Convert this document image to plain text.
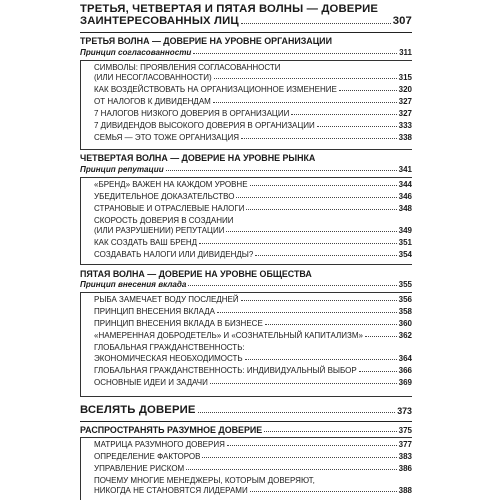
ТРЕТЬЯ, ЧЕТВЕРТАЯ И ПЯТАЯ ВОЛНЫ — ДОВЕРИЕ
ЗАИНТЕРЕСОВАННЫХ ЛИЦ	307
ТРЕТЬЯ ВОЛНА — ДОВЕРИЕ НА УРОВНЕ ОРГАНИЗАЦИИ
Принцип согласованности	311
СИМВОЛЫ: ПРОЯВЛЕНИЯ СОГЛАСОВАННОСТИ
(ИЛИ НЕСОГЛАСОВАННОСТИ)	315
КАК ВОЗДЕЙСТВОВАТЬ НА ОРГАНИЗАЦИОННОЕ ИЗМЕНЕНИЕ	320
ОТ НАЛОГОВ К ДИВИДЕНДАМ	327
7 НАЛОГОВ НИЗКОГО ДОВЕРИЯ В ОРГАНИЗАЦИИ	327
7 ДИВИДЕНДОВ ВЫСОКОГО ДОВЕРИЯ В ОРГАНИЗАЦИИ	333
СЕМЬЯ — ЭТО ТОЖЕ ОРГАНИЗАЦИЯ	338
ЧЕТВЕРТАЯ ВОЛНА — ДОВЕРИЕ НА УРОВНЕ РЫНКА
Принцип репутации	341
«БРЕНД» ВАЖЕН НА КАЖДОМ УРОВНЕ	344
УБЕДИТЕЛЬНОЕ ДОКАЗАТЕЛЬСТВО	346
СТРАНОВЫЕ И ОТРАСЛЕВЫЕ НАЛОГИ	348
СКОРОСТЬ ДОВЕРИЯ В СОЗДАНИИ
(ИЛИ РАЗРУШЕНИИ) РЕПУТАЦИИ	349
КАК СОЗДАТЬ ВАШ БРЕНД	351
СОЗДАВАТЬ НАЛОГИ ИЛИ ДИВИДЕНДЫ?	354
ПЯТАЯ ВОЛНА — ДОВЕРИЕ НА УРОВНЕ ОБЩЕСТВА
Принцип внесения вклада	355
РЫБА ЗАМЕЧАЕТ ВОДУ ПОСЛЕДНЕЙ	356
ПРИНЦИП ВНЕСЕНИЯ ВКЛАДА	358
ПРИНЦИП ВНЕСЕНИЯ ВКЛАДА В БИЗНЕСЕ	360
«НАМЕРЕННАЯ ДОБРОДЕТЕЛЬ» И «СОЗНАТЕЛЬНЫЙ КАПИТАЛИЗМ»	362
ГЛОБАЛЬНАЯ ГРАЖДАНСТВЕННОСТЬ:
ЭКОНОМИЧЕСКАЯ НЕОБХОДИМОСТЬ	364
ГЛОБАЛЬНАЯ ГРАЖДАНСТВЕННОСТЬ: ИНДИВИДУАЛЬНЫЙ ВЫБОР	366
ОСНОВНЫЕ ИДЕИ И ЗАДАЧИ	369
ВСЕЛЯТЬ ДОВЕРИЕ	373
РАСПРОСТРАНЯТЬ РАЗУМНОЕ ДОВЕРИЕ	375
МАТРИЦА РАЗУМНОГО ДОВЕРИЯ	377
ОПРЕДЕЛЕНИЕ ФАКТОРОВ	383
УПРАВЛЕНИЕ РИСКОМ	386
ПОЧЕМУ МНОГИЕ МЕНЕДЖЕРЫ, КОТОРЫМ ДОВЕРЯЮТ,
НИКОГДА НЕ СТАНОВЯТСЯ ЛИДЕРАМИ	388
